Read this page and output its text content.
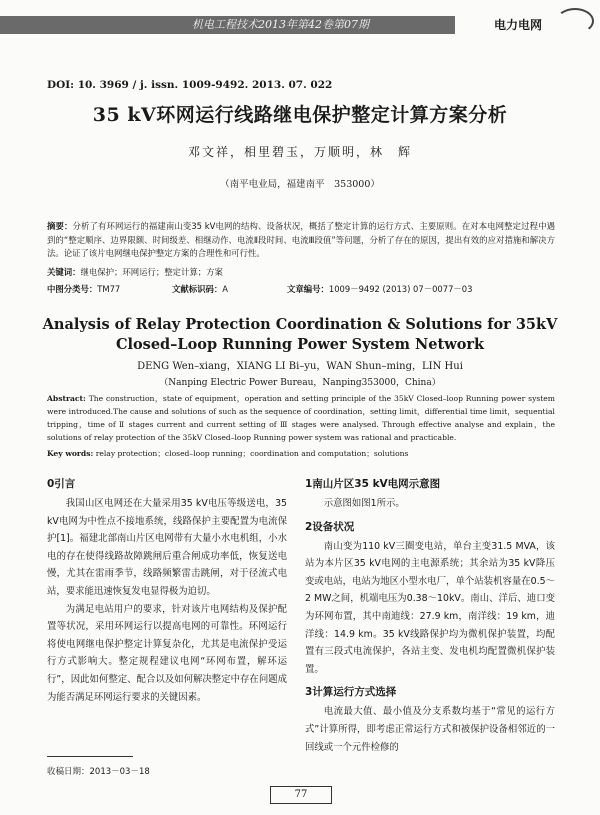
机电工程技术2013年第42卷第07期	电力电网
DOI: 10. 3969 / j. issn. 1009-9492. 2013. 07. 022
35 kV环网运行线路继电保护整定计算方案分析
邓文祥，相里碧玉，万顺明，林　辉
（南平电业局，福建南平　353000）
摘要：分析了有环网运行的福建南山变35 kV电网的结构、设备状况，概括了整定计算的运行方式、主要原则。在对本电网整定过程中遇到的“整定顺序、边界限额、时间级差、相继动作、电流Ⅱ段时间、电流Ⅲ段值”等问题，分析了存在的原因，提出有效的应对措施和解决方法。论证了该片电网继电保护整定方案的合理性和可行性。
关键词：继电保护；环网运行；整定计算；方案
中图分类号：TM77	文献标识码：A	文章编号：1009－9492 (2013) 07－0077－03
Analysis of Relay Protection Coordination & Solutions for 35kV
Closed–Loop Running Power System Network
DENG Wen–xiang，XIANG LI Bi–yu，WAN Shun–ming，LIN Hui
（Nanping Electric Power Bureau，Nanping353000，China）
Abstract: The construction，state of equipment，operation and setting principle of the 35kV Closed–loop Running power system were introduced.The cause and solutions of such as the sequence of coordination，setting limit，differential time limit，sequential tripping，time of Ⅱ stages current and current setting of Ⅲ stages were analysed. Through effective analyse and explain，the solutions of relay protection of the 35kV Closed–loop Running power system was rational and practicable.
Key words: relay protection；closed–loop running；coordination and computation；solutions
0引言

我国山区电网还在大量采用35 kV电压等级送电，35 kV电网为中性点不接地系统，线路保护主要配置为电流保护[1]。福建北部南山片区电网带有大量小水电机组，小水电的存在使得线路故障跳闸后重合闸成功率低，恢复送电慢，尤其在雷雨季节，线路频繁雷击跳闸，对于径流式电站，要求能迅速恢复发电显得极为迫切。

为满足电站用户的要求，针对该片电网结构及保护配置等状况，采用环网运行以提高电网的可靠性。环网运行将使电网继电保护整定计算复杂化，尤其是电流保护受运行方式影响大。整定规程建议电网“环网布置，解环运行”，因此如何整定、配合以及如何解决整定中存在问题成为能否满足环网运行要求的关键因素。

1南山片区35 kV电网示意图

示意图如图1所示。

2设备状况

南山变为110 kV三圈变电站，单台主变31.5 MVA，该站为本片区35 kV电网的主电源系统；其余站为35 kV降压变或电站，电站为地区小型水电厂，单个站装机容量在0.5～2 MW之间，机端电压为0.38～10kV。南山、洋后、迪口变为环网布置，其中南迪线：27.9 km，南洋线：19 km，迪洋线：14.9 km。35 kV线路保护均为微机保护装置，均配置有三段式电流保护，各站主变、发电机均配置微机保护装置。

3计算运行方式选择

电流最大值、最小值及分支系数均基于“常见的运行方式”计算所得，即考虑正常运行方式和被保护设备相邻近的一回线或一个元件检修的

收稿日期：2013－03－18
77
